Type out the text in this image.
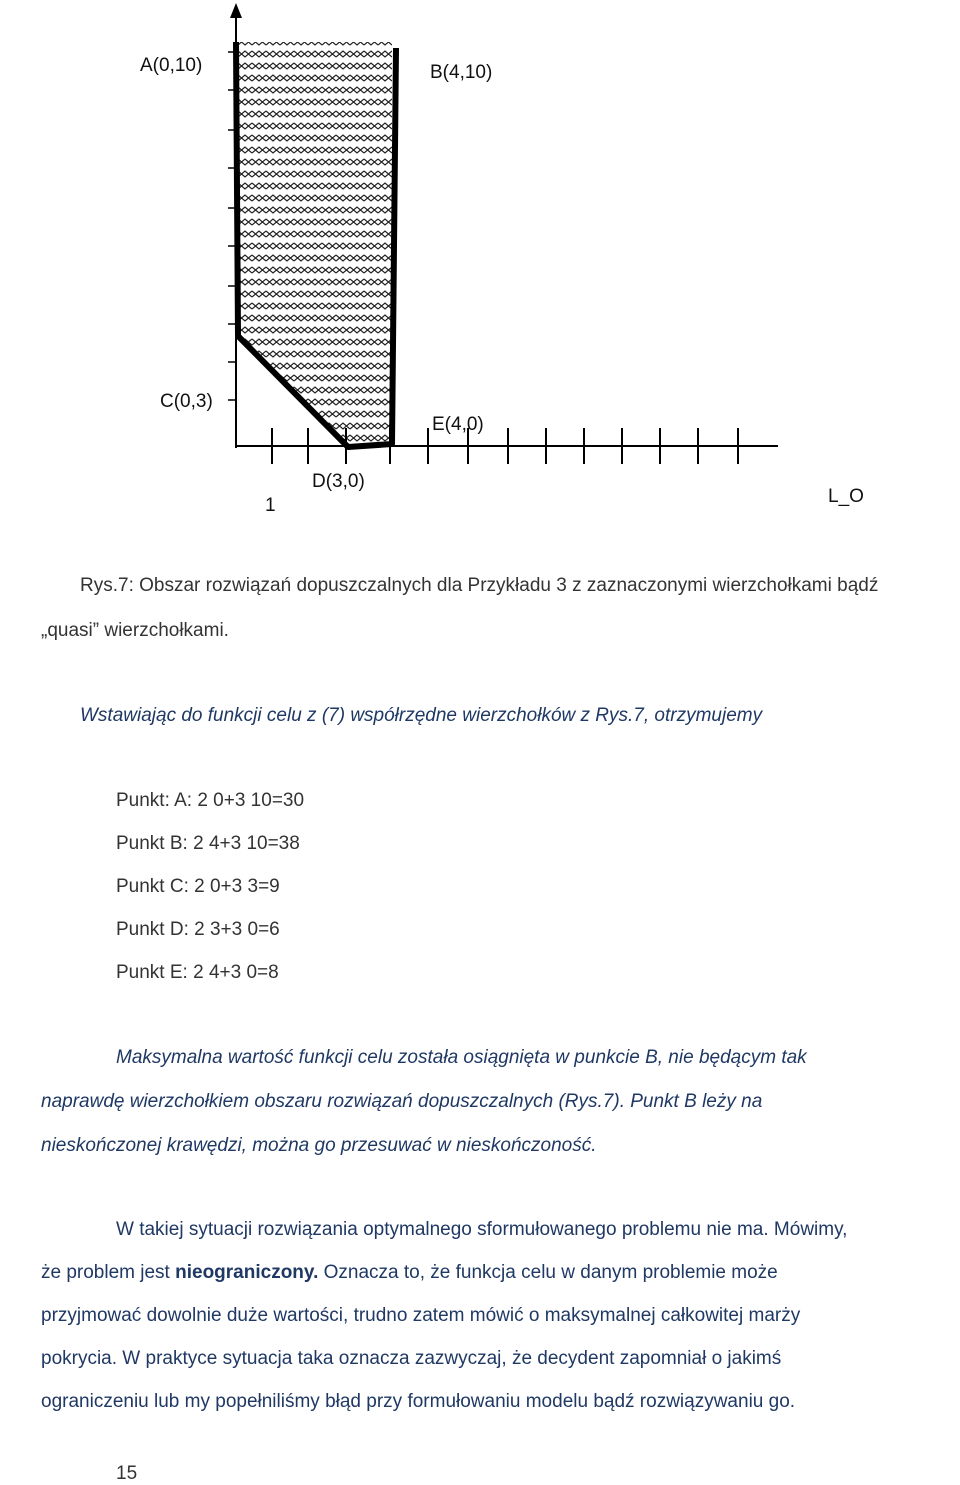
A(0,10)	B(4,10)
C(0,3)
E(4,0)
D(3,0)
1	L_O
Rys.7: Obszar rozwiązań dopuszczalnych dla Przykładu 3 z zaznaczonymi wierzchołkami bądź
„quasi” wierzchołkami.
Wstawiając do funkcji celu z (7) współrzędne wierzchołków z Rys.7, otrzymujemy
Punkt: A: 2 0+3 10=30
Punkt B: 2 4+3 10=38
Punkt C: 2 0+3 3=9
Punkt D: 2 3+3 0=6
Punkt E: 2 4+3 0=8
Maksymalna wartość funkcji celu została osiągnięta w punkcie B, nie będącym tak
naprawdę wierzchołkiem obszaru rozwiązań dopuszczalnych (Rys.7). Punkt B leży na
nieskończonej krawędzi, można go przesuwać w nieskończoność.
W takiej sytuacji rozwiązania optymalnego sformułowanego problemu nie ma. Mówimy,
że problem jest nieograniczony. Oznacza to, że funkcja celu w danym problemie może
przyjmować dowolnie duże wartości, trudno zatem mówić o maksymalnej całkowitej marży
pokrycia. W praktyce sytuacja taka oznacza zazwyczaj, że decydent zapomniał o jakimś
ograniczeniu lub my popełniliśmy błąd przy formułowaniu modelu bądź rozwiązywaniu go.
15
